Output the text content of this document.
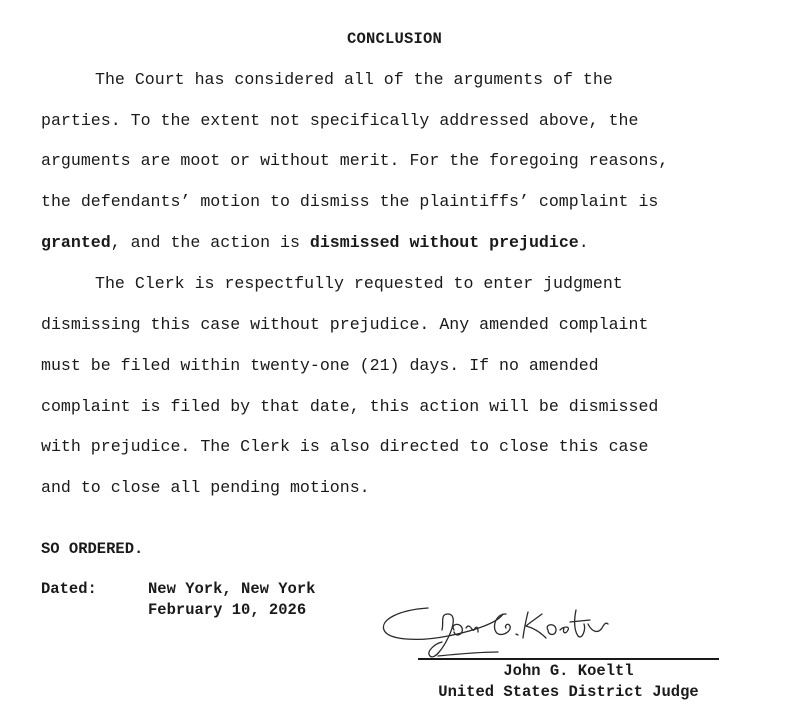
CONCLUSION
The Court has considered all of the arguments of the
parties. To the extent not specifically addressed above, the
arguments are moot or without merit. For the foregoing reasons,
the defendants’ motion to dismiss the plaintiffs’ complaint is
granted, and the action is dismissed without prejudice.
The Clerk is respectfully requested to enter judgment
dismissing this case without prejudice. Any amended complaint
must be filed within twenty-one (21) days. If no amended
complaint is filed by that date, this action will be dismissed
with prejudice. The Clerk is also directed to close this case
and to close all pending motions.
SO ORDERED.
Dated:	New York, New York
February 10, 2026
John G. Koeltl
United States District Judge
